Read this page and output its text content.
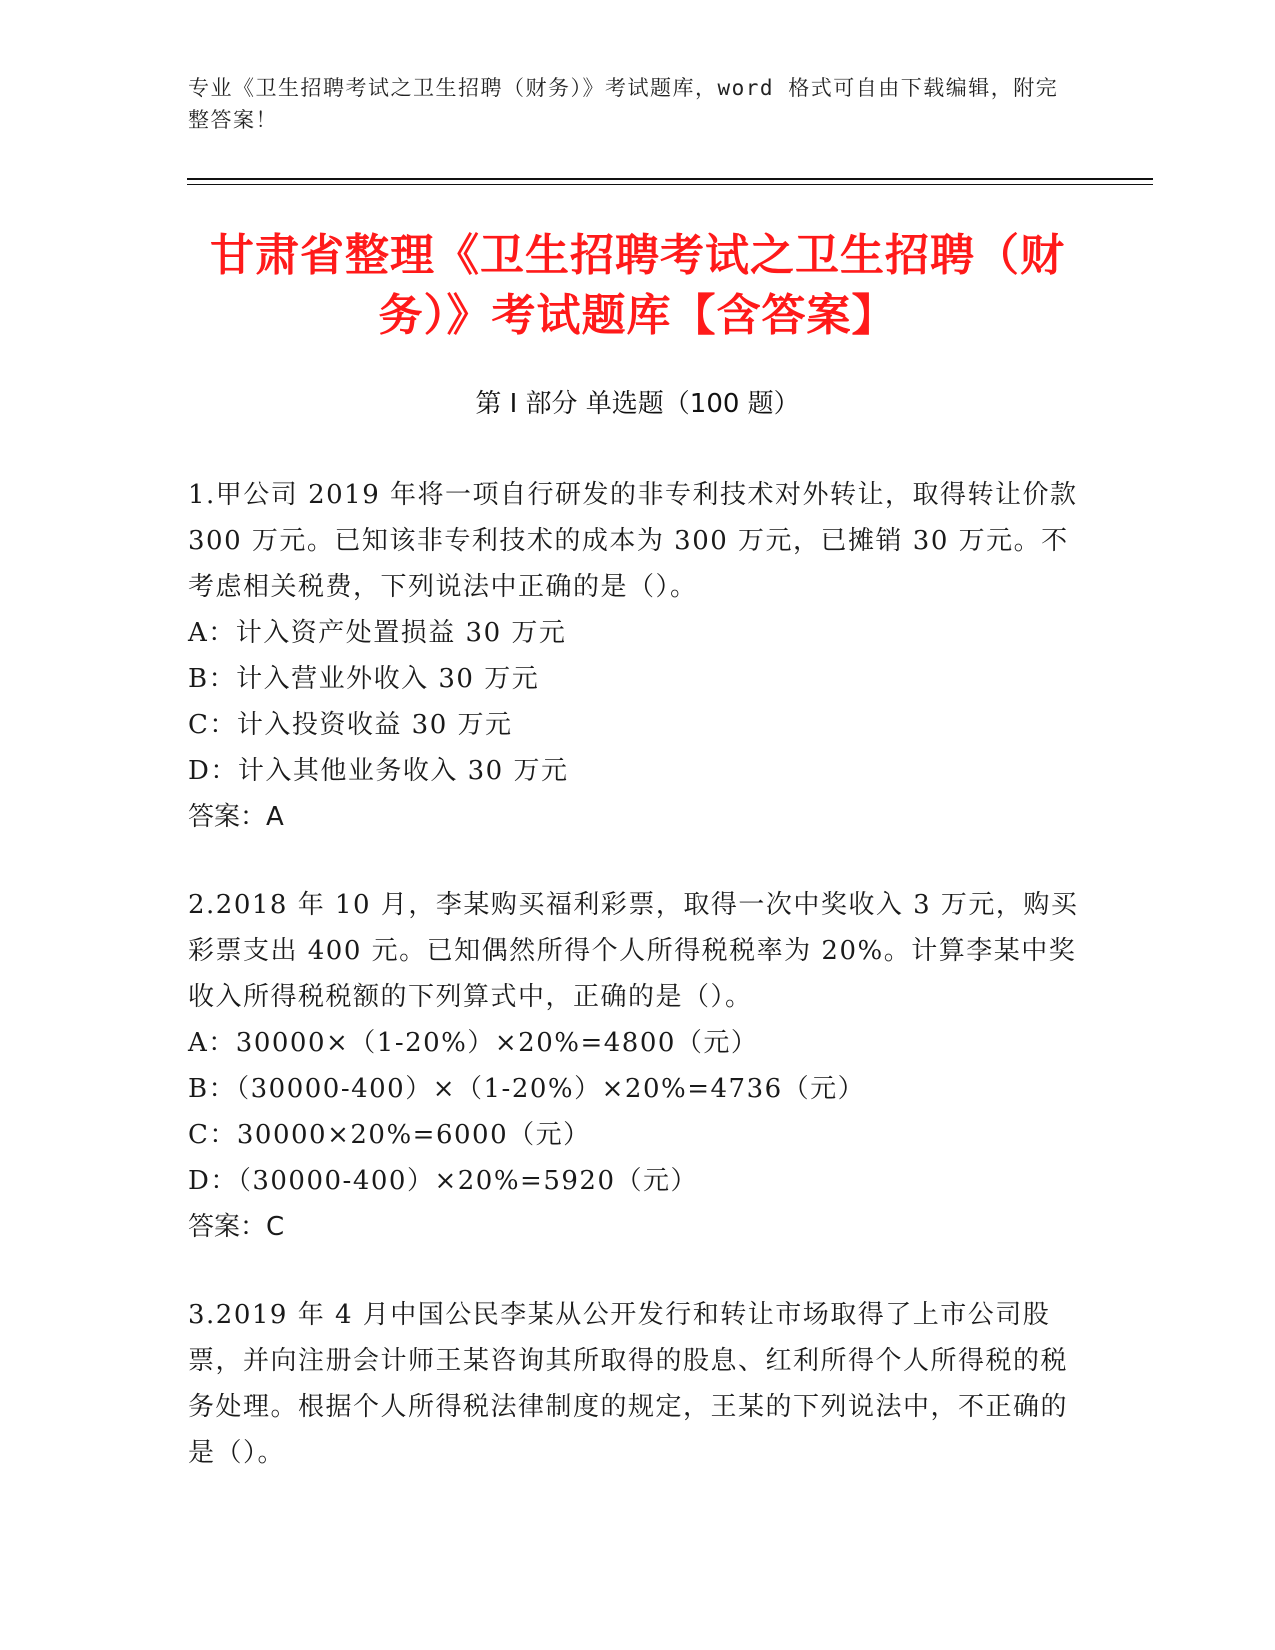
专业《卫生招聘考试之卫生招聘（财务）》考试题库，word 格式可自由下载编辑，附完整答案！
甘肃省整理《卫生招聘考试之卫生招聘（财务）》考试题库【含答案】
第 I 部分 单选题（100 题）
1.甲公司 2019 年将一项自行研发的非专利技术对外转让，取得转让价款 300 万元。已知该非专利技术的成本为 300 万元，已摊销 30 万元。不考虑相关税费，下列说法中正确的是（）。
A：计入资产处置损益 30 万元
B：计入营业外收入 30 万元
C：计入投资收益 30 万元
D：计入其他业务收入 30 万元
答案：A
2.2018 年 10 月，李某购买福利彩票，取得一次中奖收入 3 万元，购买彩票支出 400 元。已知偶然所得个人所得税税率为 20%。计算李某中奖收入所得税税额的下列算式中，正确的是（）。
A：30000×（1-20%）×20%=4800（元）
B：（30000-400）×（1-20%）×20%=4736（元）
C：30000×20%=6000（元）
D：（30000-400）×20%=5920（元）
答案：C
3.2019 年 4 月中国公民李某从公开发行和转让市场取得了上市公司股票，并向注册会计师王某咨询其所取得的股息、红利所得个人所得税的税务处理。根据个人所得税法律制度的规定，王某的下列说法中，不正确的是（）。
